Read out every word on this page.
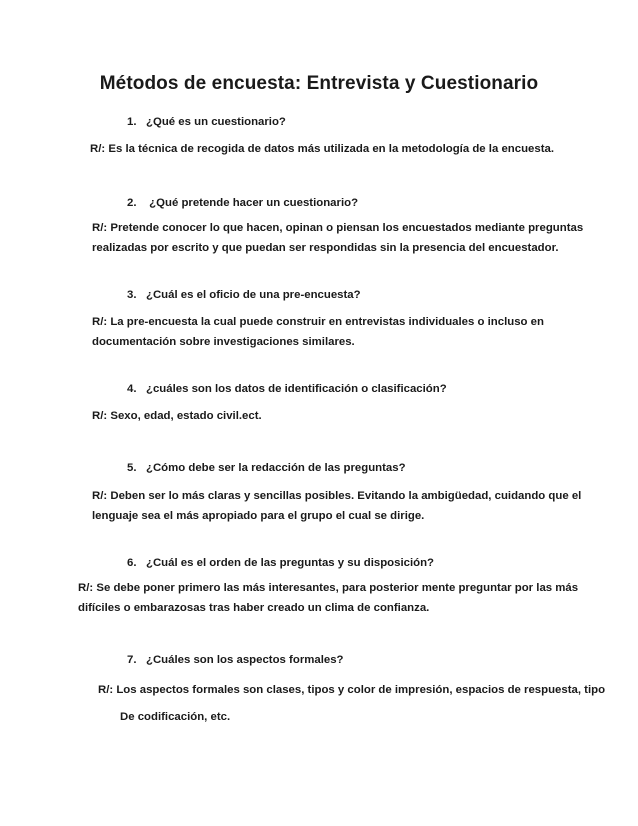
Métodos de encuesta: Entrevista y Cuestionario
1. ¿Qué es un cuestionario?
R/: Es la técnica de recogida de datos más utilizada en la metodología de la encuesta.
2. ¿Qué pretende hacer un cuestionario?
R/: Pretende conocer lo que hacen, opinan o piensan los encuestados mediante preguntas
realizadas por escrito y que puedan ser respondidas sin la presencia del encuestador.
3. ¿Cuál es el oficio de una pre-encuesta?
R/: La pre-encuesta la cual puede construir en entrevistas individuales o incluso en
documentación sobre investigaciones similares.
4. ¿cuáles son los datos de identificación o clasificación?
R/: Sexo, edad, estado civil.ect.
5. ¿Cómo debe ser la redacción de las preguntas?
R/: Deben ser lo más claras y sencillas posibles. Evitando la ambigüedad, cuidando que el
lenguaje sea el más apropiado para el grupo el cual se dirige.
6. ¿Cuál es el orden de las preguntas y su disposición?
R/: Se debe poner primero las más interesantes, para posterior mente preguntar por las más
difíciles o embarazosas tras haber creado un clima de confianza.
7. ¿Cuáles son los aspectos formales?
R/: Los aspectos formales son clases, tipos y color de impresión, espacios de respuesta, tipo
De codificación, etc.
